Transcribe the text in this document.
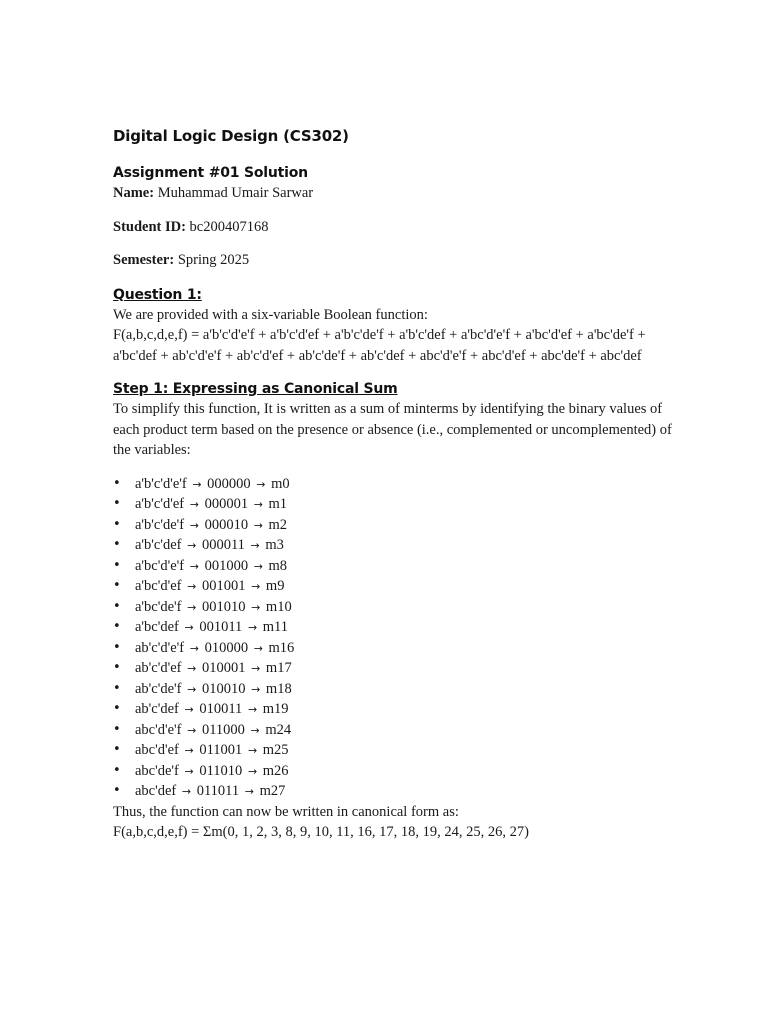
Digital Logic Design (CS302)
Assignment #01 Solution

Name: Muhammad Umair Sarwar

Student ID: bc200407168

Semester: Spring 2025

Question 1:

We are provided with a six-variable Boolean function:

F(a,b,c,d,e,f) = a'b'c'd'e'f + a'b'c'd'ef + a'b'c'de'f + a'b'c'def + a'bc'd'e'f + a'bc'd'ef + a'bc'de'f + a'bc'def + ab'c'd'e'f + ab'c'd'ef + ab'c'de'f + ab'c'def + abc'd'e'f + abc'd'ef + abc'de'f + abc'def

Step 1: Expressing as Canonical Sum

To simplify this function, It is written as a sum of minterms by identifying the binary values of each product term based on the presence or absence (i.e., complemented or uncomplemented) of the variables:

• a'b'c'd'e'f → 000000 → m0
• a'b'c'd'ef → 000001 → m1
• a'b'c'de'f → 000010 → m2
• a'b'c'def → 000011 → m3
• a'bc'd'e'f → 001000 → m8
• a'bc'd'ef → 001001 → m9
• a'bc'de'f → 001010 → m10
• a'bc'def → 001011 → m11
• ab'c'd'e'f → 010000 → m16
• ab'c'd'ef → 010001 → m17
• ab'c'de'f → 010010 → m18
• ab'c'def → 010011 → m19
• abc'd'e'f → 011000 → m24
• abc'd'ef → 011001 → m25
• abc'de'f → 011010 → m26
• abc'def → 011011 → m27

Thus, the function can now be written in canonical form as:

F(a,b,c,d,e,f) = Σm(0, 1, 2, 3, 8, 9, 10, 11, 16, 17, 18, 19, 24, 25, 26, 27)
